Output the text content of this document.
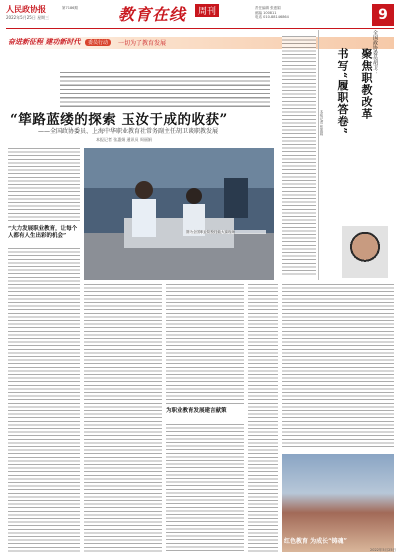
人民政协报
2022年5月25日 星期三
第7186期	教育在线	周刊	责任编辑 张惠娟
邮编 100811
电话 010-88146864	9
奋进新征程 建功新时代	委员行动	一切为了教育发展
“筚路蓝缕的探索 玉汝于成的收获”
——全国政协委员、上海中华职业教育社常务副主任胡卫谈职教发展
本报记者 张惠娟 通讯员 周丽娟
“大力发展职业教育，让每个人都有人生出彩的机会”
图为全国职业院校技能大赛现场
为职业教育发展建言献策
全国政协委员胡卫：
聚焦职教改革
书写“履职答卷”
本报记者 张惠娟
红色教育 为成长“铸魂”
2022年5月25日
